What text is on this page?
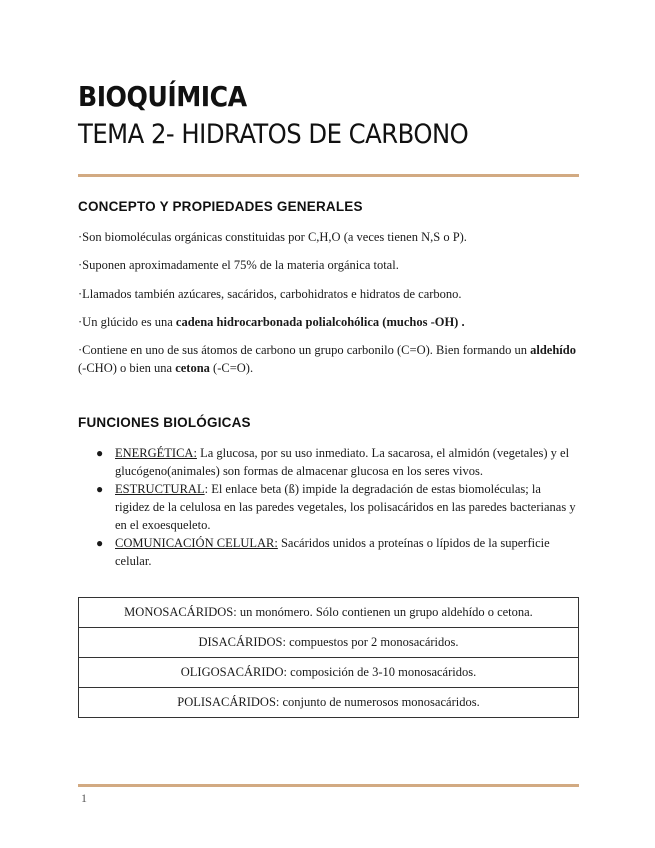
BIOQUÍMICA
TEMA 2- HIDRATOS DE CARBONO
CONCEPTO Y PROPIEDADES GENERALES

·Son biomoléculas orgánicas constituidas por C,H,O (a veces tienen N,S o P).

·Suponen aproximadamente el 75% de la materia orgánica total.

·Llamados también azúcares, sacáridos, carbohidratos e hidratos de carbono.

·Un glúcido es una cadena hidrocarbonada polialcohólica (muchos -OH) .

·Contiene en uno de sus átomos de carbono un grupo carbonilo (C=O). Bien formando un aldehído (-CHO) o bien una cetona (-C=O).

FUNCIONES BIOLÓGICAS
● ENERGÉTICA: La glucosa, por su uso inmediato. La sacarosa, el almidón (vegetales) y el glucógeno(animales) son formas de almacenar glucosa en los seres vivos.
● ESTRUCTURAL: El enlace beta (ß) impide la degradación de estas biomoléculas; la rigidez de la celulosa en las paredes vegetales, los polisacáridos en las paredes bacterianas y en el exoesqueleto.
● COMUNICACIÓN CELULAR: Sacáridos unidos a proteínas o lípidos de la superficie celular.
MONOSACÁRIDOS: un monómero. Sólo contienen un grupo aldehído o cetona.
DISACÁRIDOS: compuestos por 2 monosacáridos.
OLIGOSACÁRIDO: composición de 3-10 monosacáridos.
POLISACÁRIDOS: conjunto de numerosos monosacáridos.
1
